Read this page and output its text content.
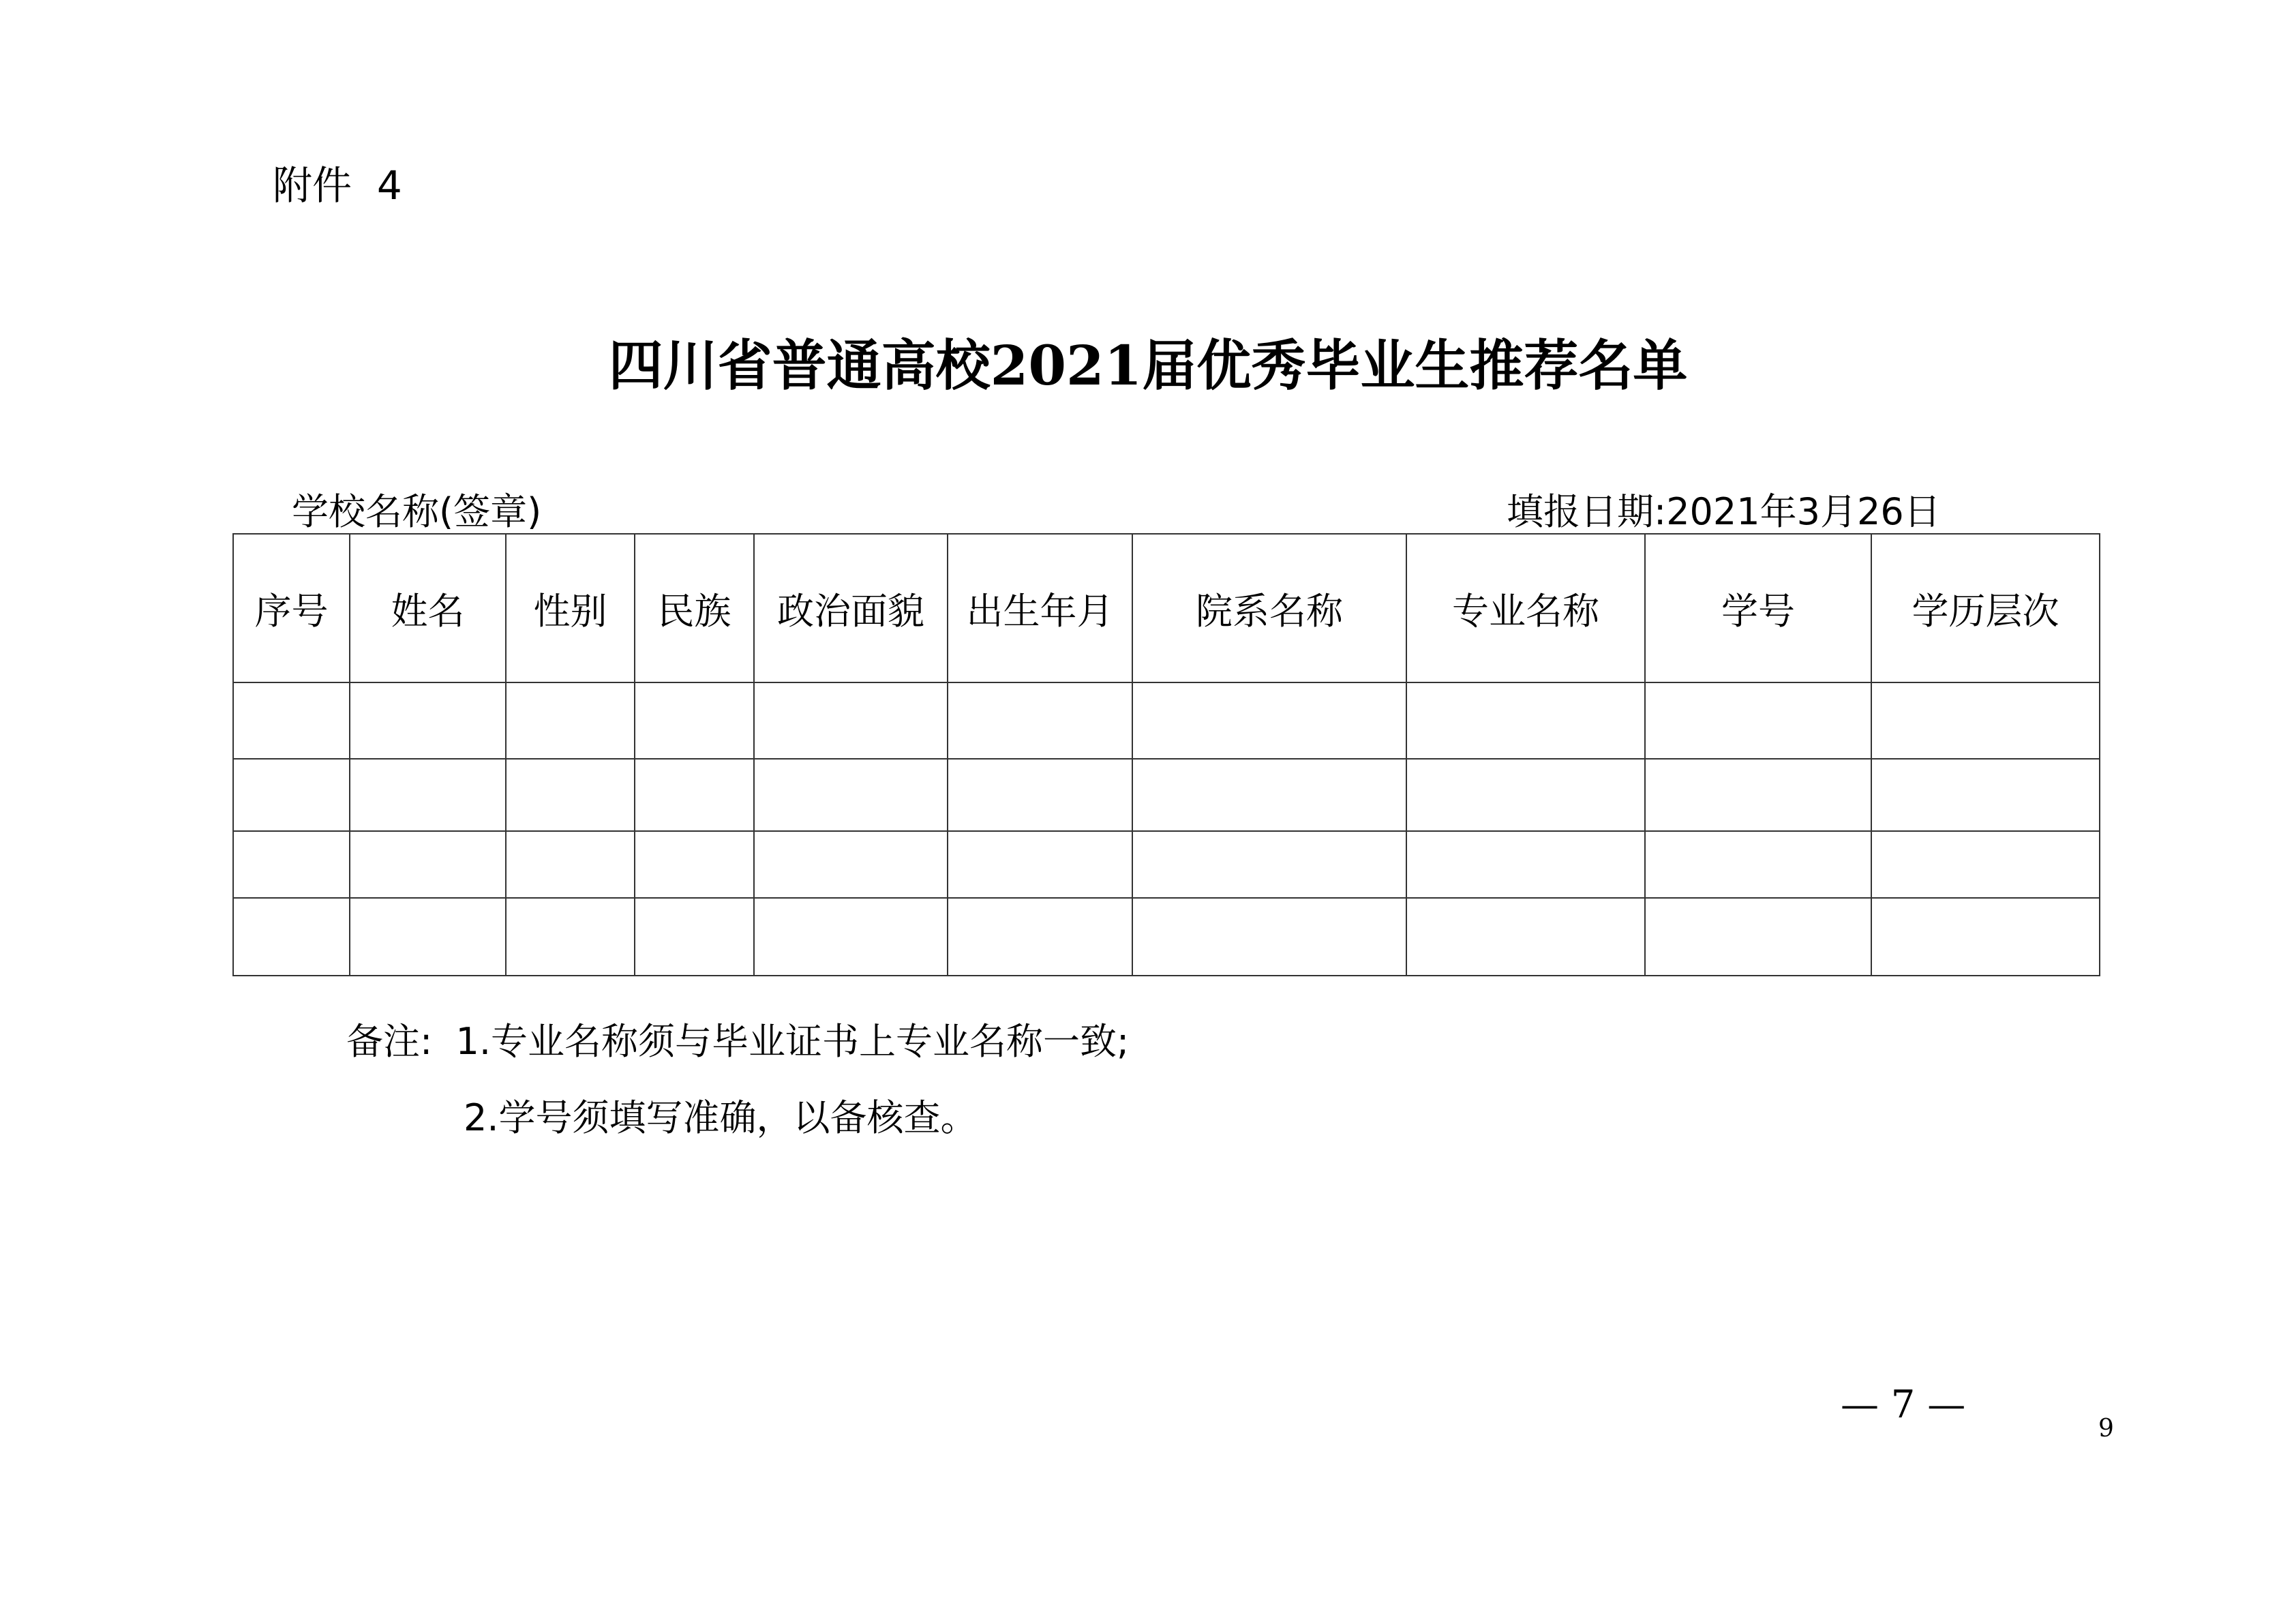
附件  4
四川省普通高校2021届优秀毕业生推荐名单
学校名称(签章)	填报日期:2021年3月26日
序号	姓名	性别	民族	政治面貌	出生年月	院系名称	专业名称	学号	学历层次

备注:  1.专业名称须与毕业证书上专业名称一致;
2.学号须填写准确，以备核查。
— 7 —
9
